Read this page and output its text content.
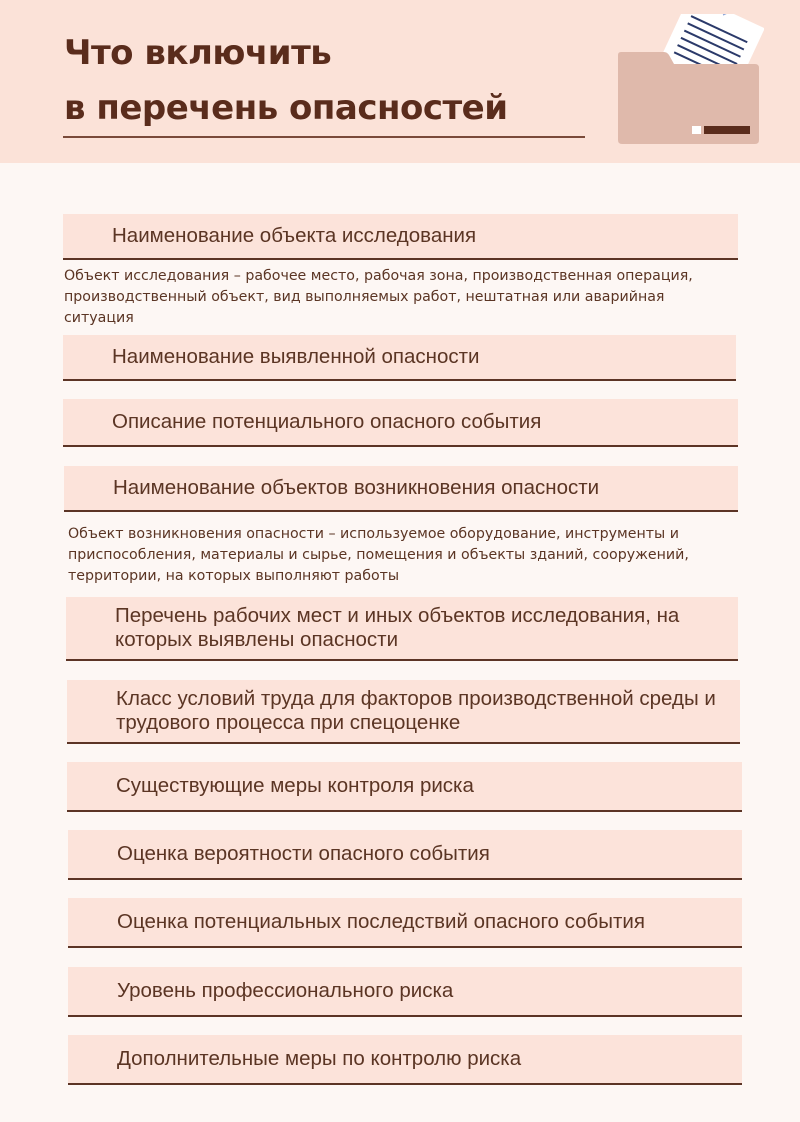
Что включить
в перечень опасностей
Наименование объекта исследования

Объект исследования – рабочее место, рабочая зона, производственная операция, производственный объект, вид выполняемых работ, нештатная или аварийная ситуация

Наименование выявленной опасности
Описание потенциального опасного события
Наименование объектов возникновения опасности

Объект возникновения опасности – используемое оборудование, инструменты и приспособления, материалы и сырье, помещения и объекты зданий, сооружений, территории, на которых выполняют работы

Перечень рабочих мест и иных объектов исследования, на которых выявлены опасности
Класс условий труда для факторов производственной среды и трудового процесса при спецоценке
Существующие меры контроля риска
Оценка вероятности опасного события
Оценка потенциальных последствий опасного события
Уровень профессионального риска
Дополнительные меры по контролю риска
